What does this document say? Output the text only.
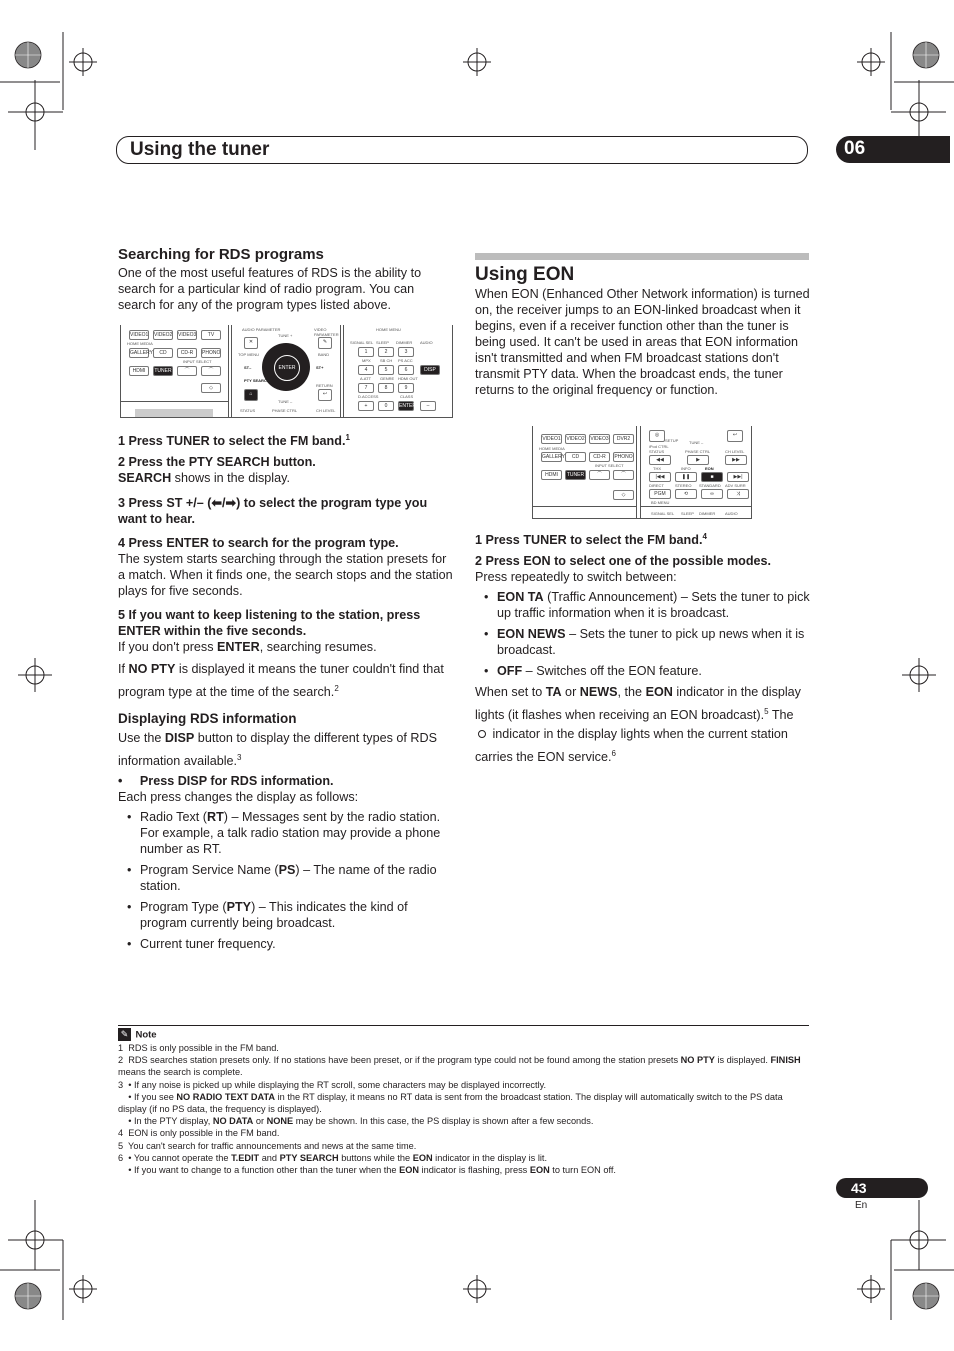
Using the tuner	06
Searching for RDS programs
One of the most useful features of RDS is the ability to search for a particular kind of radio program. You can search for any of the program types listed above.
VIDEO1 VIDEO2 VIDEO3	TV
HOME MEDIA
GALLERY	CD	CD-R	PHONO
INPUT SELECT
HDMI	TUNER	⌒	⌒
◇
AUDIO PARAMETER	VIDEO PARAMETER
TUNE +
✕	✎
TOP MENU	BAND
ENTER
ST–	ST+
PTY SEARCH
RETURN
⌂	↩
TUNE –
STATUS	PHASE CTRL	CH LEVEL
HOME MENU
SIGNAL SEL SLEEP DIMMER AUDIO
1	2	3
MPX SB CH PS ACC
4	5	6	DISP
A.ATT GENRE HDMI OUT
7	8	9
D.ACCESS	CLASS
+	0	ENTER	–
1 Press TUNER to select the FM band.$^1$
2 Press the PTY SEARCH button.
SEARCH shows in the display.
3 Press ST +/– (⬅/➡) to select the program type you want to hear.
4 Press ENTER to search for the program type.
The system starts searching through the station presets for a match. When it finds one, the search stops and the station plays for five seconds.
5 If you want to keep listening to the station, press ENTER within the five seconds.
If you don't press ENTER, searching resumes.
If NO PTY is displayed it means the tuner couldn't find that program type at the time of the search.$^2$
Displaying RDS information
Use the DISP button to display the different types of RDS information available.$^3$
•     Press DISP for RDS information.
Each press changes the display as follows:
• Radio Text (RT) – Messages sent by the radio station. For example, a talk radio station may provide a phone number as RT.
• Program Service Name (PS) – The name of the radio station.
• Program Type (PTY) – This indicates the kind of program currently being broadcast.
• Current tuner frequency.
Using EON
When EON (Enhanced Other Network information) is turned on, the receiver jumps to an EON-linked broadcast when it begins, even if a receiver function other than the tuner is being used. It can't be used in areas that EON information isn't transmitted and when FM broadcast stations don't transmit PTY data. When the broadcast ends, the tuner returns to the original frequency or function.
VIDEO1 VIDEO2 VIDEO3	DVR2
HOME MEDIA
GALLERY	CD	CD-R	PHONO
INPUT SELECT
HDMI	TUNER	⌒	⌒
◇
◎
SETUP	TUNE –
↩
iPod CTRL
STATUS	PHASE CTRL	CH LEVEL
◀◀	▶	▶▶
THX	INFO	EON
|◀◀	❚❚	■	▶▶|
DIRECT	STEREO STANDARD ADV SURR
PGM	⟲	∞	⤨
BD MENU
SIGNAL SEL SLEEP DIMMER AUDIO
1 Press TUNER to select the FM band.$^4$
2 Press EON to select one of the possible modes.
Press repeatedly to switch between:
• EON TA (Traffic Announcement) – Sets the tuner to pick up traffic information when it is broadcast.
• EON NEWS – Sets the tuner to pick up news when it is broadcast.
• OFF – Switches off the EON feature.
When set to TA or NEWS, the EON indicator in the display lights (it flashes when receiving an EON broadcast).$^5$ The  indicator in the display lights when the current station carries the EON service.$^6$
✎ Note
1  RDS is only possible in the FM band.
2  RDS searches station presets only. If no stations have been preset, or if the program type could not be found among the station presets NO PTY is displayed. FINISH means the search is complete.
3  • If any noise is picked up while displaying the RT scroll, some characters may be displayed incorrectly.
• If you see NO RADIO TEXT DATA in the RT display, it means no RT data is sent from the broadcast station. The display will automatically switch to the PS data display (if no PS data, the frequency is displayed).
• In the PTY display, NO DATA or NONE may be shown. In this case, the PS display is shown after a few seconds.
4  EON is only possible in the FM band.
5  You can't search for traffic announcements and news at the same time.
6  • You cannot operate the T.EDIT and PTY SEARCH buttons while the EON indicator in the display is lit.
• If you want to change to a function other than the tuner when the EON indicator is flashing, press EON to turn EON off.
43
En
